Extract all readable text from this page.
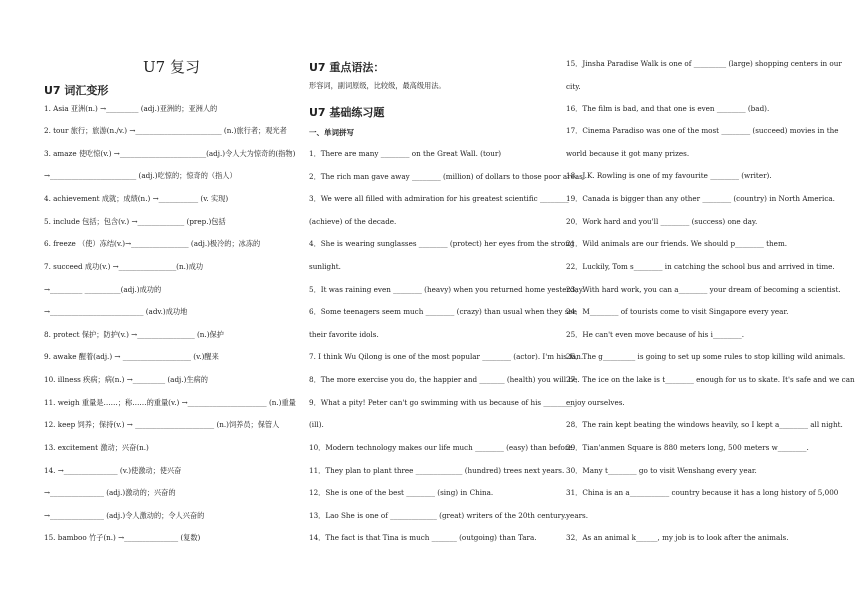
U7 复习
U7 词汇变形
1. Asia 亚洲(n.) →_________ (adj.)亚洲的；亚洲人的
2. tour 旅行；旅游(n./v.) →________________________ (n.)旅行者；观光者
3. amaze 使吃惊(v.) →________________________(adj.)令人大为惊奇的(指物)
→________________________ (adj.)吃惊的；惊奇的（指人）
4. achievement 成就；成绩(n.) →___________ (v. 实现)
5. include 包括；包含(v.) →_____________ (prep.)包括
6. freeze （使）冻结(v.)→________________ (adj.)极冷的；冰冻的
7. succeed 成功(v.) →________________(n.)成功
→_________ __________(adj.)成功的
→__________________________ (adv.)成功地
8. protect 保护；防护(v.) →________________ (n.)保护
9. awake 醒着(adj.) → ___________________ (v.)醒来
10. illness 疾病；病(n.) →_________ (adj.)生病的
11. weigh 重量是……；称……的重量(v.) →______________________ (n.)重量
12. keep 饲养；保持(v.) → ______________________ (n.)饲养员；保管人
13. excitement 激动；兴奋(n.)
14. →_______________ (v.)使激动；使兴奋
→_______________ (adj.)激动的；兴奋的
→_______________ (adj.)令人激动的；令人兴奋的
15. bamboo 竹子(n.) →_______________ (复数)
U7 重点语法：
形容词，副词原级，比较级，最高级用法。
U7 基础练习题
一、单词拼写
1．There are many ________ on the Great Wall. (tour)
2．The rich man gave away ________ (million) of dollars to those poor areas.
3．We were all filled with admiration for his greatest scientific ________
(achieve) of the decade.
4．She is wearing sunglasses ________ (protect) her eyes from the strong
sunlight.
5．It was raining even ________ (heavy) when you returned home yesterday.
6．Some teenagers seem much ________ (crazy) than usual when they see
their favorite idols.
7. I think Wu Qilong is one of the most popular ________ (actor). I'm his fan.
8．The more exercise you do, the happier and _______ (health) you will be.
9．What a pity! Peter can't go swimming with us because of his ________
(ill).
10．Modern technology makes our life much ________ (easy) than before.
11．They plan to plant three _____________ (hundred) trees next years.
12．She is one of the best ________ (sing) in China.
13．Lao She is one of _____________ (great) writers of the 20th century.
14．The fact is that Tina is much _______ (outgoing) than Tara.
15．Jinsha Paradise Walk is one of _________ (large) shopping centers in our
city.
16．The film is bad, and that one is even ________ (bad).
17．Cinema Paradiso was one of the most ________ (succeed) movies in the
world because it got many prizes.
18．J.K. Rowling is one of my favourite ________ (writer).
19．Canada is bigger than any other ________ (country) in North America.
20．Work hard and you'll ________ (success) one day.
21．Wild animals are our friends. We should p________ them.
22．Luckily, Tom s________ in catching the school bus and arrived in time.
23．With hard work, you can a________ your dream of becoming a scientist.
24．M________ of tourists come to visit Singapore every year.
25．He can't even move because of his i________.
26．The g_________ is going to set up some rules to stop killing wild animals.
27．The ice on the lake is t________ enough for us to skate. It's safe and we can
enjoy ourselves.
28．The rain kept beating the windows heavily, so I kept a________ all night.
29．Tian'anmen Square is 880 meters long, 500 meters w________.
30．Many t________ go to visit Wenshang every year.
31．China is an a___________ country because it has a long history of 5,000
years.
32．As an animal k______, my job is to look after the animals.
